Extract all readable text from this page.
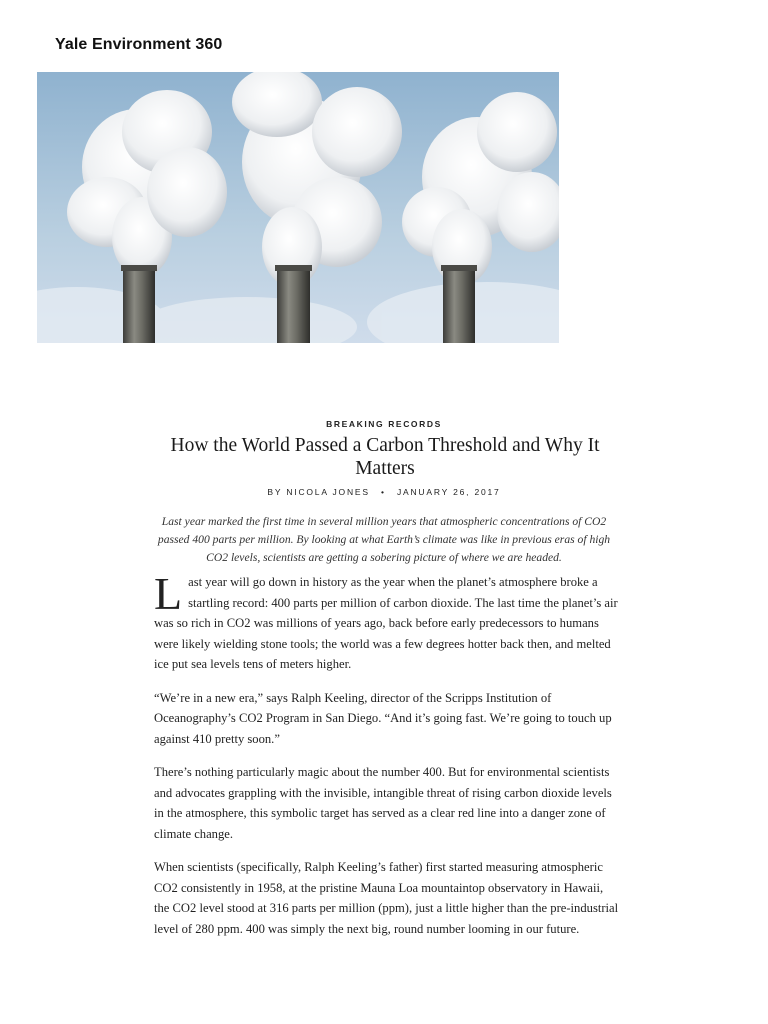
Yale Environment 360
BREAKING RECORDS
How the World Passed a Carbon Threshold and Why It Matters
BY NICOLA JONES • JANUARY 26, 2017

Last year marked the first time in several million years that atmospheric concentrations of CO2 passed 400 parts per million. By looking at what Earth’s climate was like in previous eras of high CO2 levels, scientists are getting a sobering picture of where we are headed.

Last year will go down in history as the year when the planet’s atmosphere broke a startling record: 400 parts per million of carbon dioxide. The last time the planet’s air was so rich in CO2 was millions of years ago, back before early predecessors to humans were likely wielding stone tools; the world was a few degrees hotter back then, and melted ice put sea levels tens of meters higher.

“We’re in a new era,” says Ralph Keeling, director of the Scripps Institution of Oceanography’s CO2 Program in San Diego. “And it’s going fast. We’re going to touch up against 410 pretty soon.”

There’s nothing particularly magic about the number 400. But for environmental scientists and advocates grappling with the invisible, intangible threat of rising carbon dioxide levels in the atmosphere, this symbolic target has served as a clear red line into a danger zone of climate change.

When scientists (specifically, Ralph Keeling’s father) first started measuring atmospheric CO2 consistently in 1958, at the pristine Mauna Loa mountaintop observatory in Hawaii, the CO2 level stood at 316 parts per million (ppm), just a little higher than the pre-industrial level of 280 ppm. 400 was simply the next big, round number looming in our future.
